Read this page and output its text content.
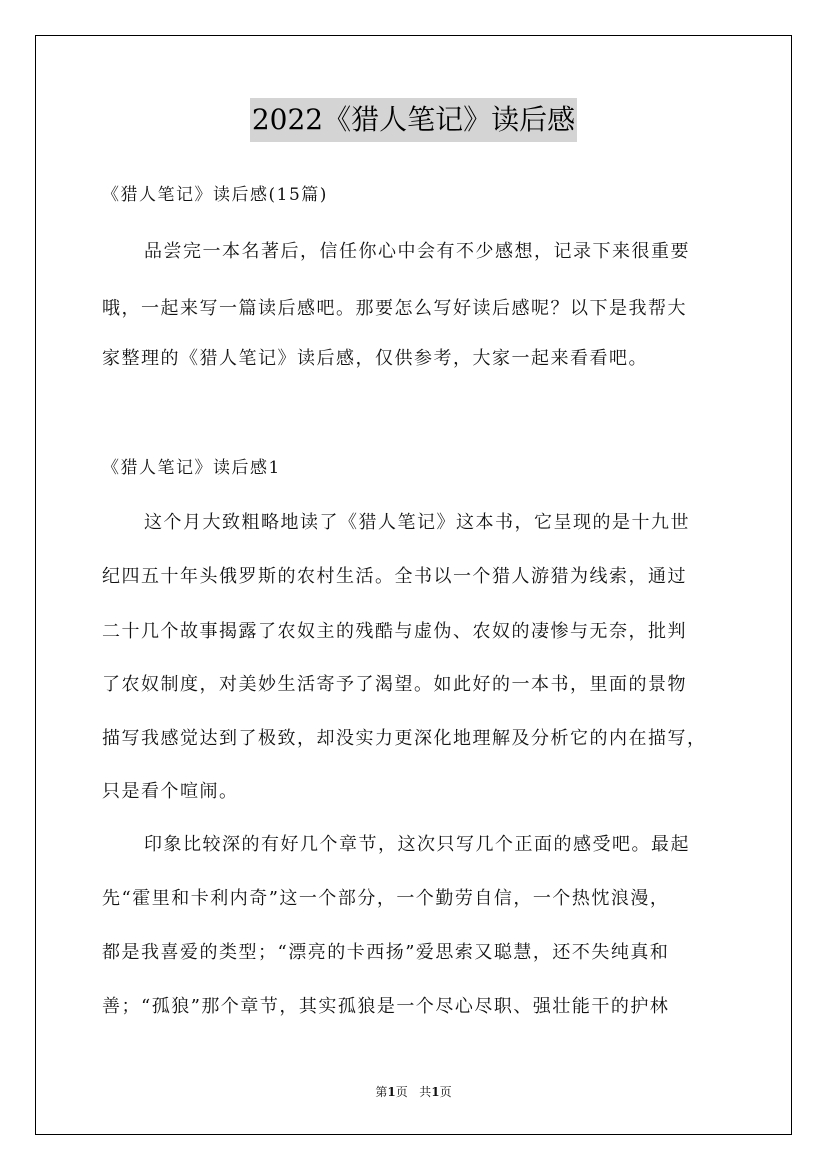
2022《猎人笔记》读后感
《猎人笔记》读后感(15篇)
品尝完一本名著后，信任你心中会有不少感想，记录下来很重要
哦，一起来写一篇读后感吧。那要怎么写好读后感呢？以下是我帮大
家整理的《猎人笔记》读后感，仅供参考，大家一起来看看吧。
《猎人笔记》读后感1
这个月大致粗略地读了《猎人笔记》这本书，它呈现的是十九世
纪四五十年头俄罗斯的农村生活。全书以一个猎人游猎为线索，通过
二十几个故事揭露了农奴主的残酷与虚伪、农奴的凄惨与无奈，批判
了农奴制度，对美妙生活寄予了渴望。如此好的一本书，里面的景物
描写我感觉达到了极致，却没实力更深化地理解及分析它的内在描写，
只是看个喧闹。
印象比较深的有好几个章节，这次只写几个正面的感受吧。最起
先“霍里和卡利内奇”这一个部分，一个勤劳自信，一个热忱浪漫，
都是我喜爱的类型；“漂亮的卡西扬”爱思索又聪慧，还不失纯真和
善；“孤狼”那个章节，其实孤狼是一个尽心尽职、强壮能干的护林
第1页 共1页
